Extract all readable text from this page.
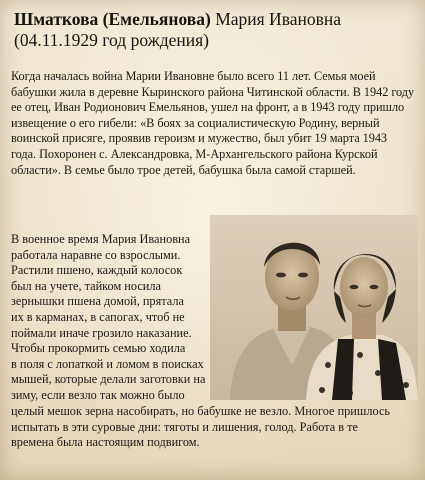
Шматкова (Емельянова) Мария Ивановна
(04.11.1929 год рождения)

Когда началась война Марии Ивановне было всего 11 лет. Семья моей бабушки жила в деревне Кыринского района Читинской области. В 1942 году ее отец, Иван Родионович Емельянов, ушел на фронт, а в 1943 году пришло извещение о его гибели: «В боях за социалистическую Родину, верный воинской присяге, проявив героизм и мужество, был убит 19 марта 1943 года. Похоронен с. Александровка, М-Архангельского района Курской области». В семье было трое детей, бабушка была самой старшей.

В военное время Мария Ивановна
работала наравне со взрослыми.
Растили пшено, каждый колосок
был на учете, тайком носила
зернышки пшена домой, прятала
их в карманах, в сапогах, чтоб не
поймали иначе грозило наказание.
Чтобы прокормить семью ходила
в поля с лопаткой и ломом в поисках
мышей, которые делали заготовки на
зиму, если везло так можно было
целый мешок зерна насобирать, но бабушке не везло. Многое пришлось
испытать в эти суровые дни: тяготы и лишения, голод. Работа в те
времена была настоящим подвигом.
